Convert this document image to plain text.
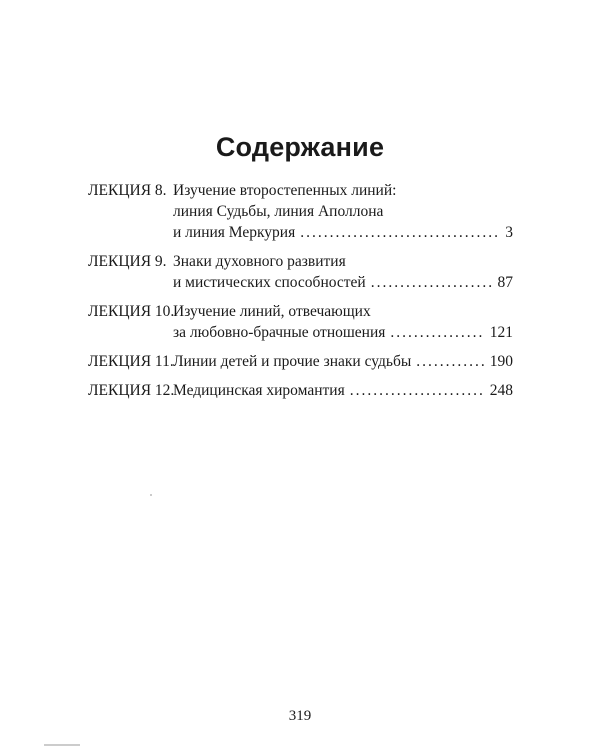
Содержание
ЛЕКЦИЯ 8. Изучение второстепенных линий:
линия Судьбы, линия Аполлона
и линия Меркурия .....	3
ЛЕКЦИЯ 9. Знаки духовного развития
и мистических способностей .....	87
ЛЕКЦИЯ 10.
Изучение линий, отвечающих
за любовно-брачные отношения .....	121
ЛЕКЦИЯ 11. Линии детей и прочие знаки судьбы .....	190
ЛЕКЦИЯ 12.
Медицинская хиромантия .....	248
319
